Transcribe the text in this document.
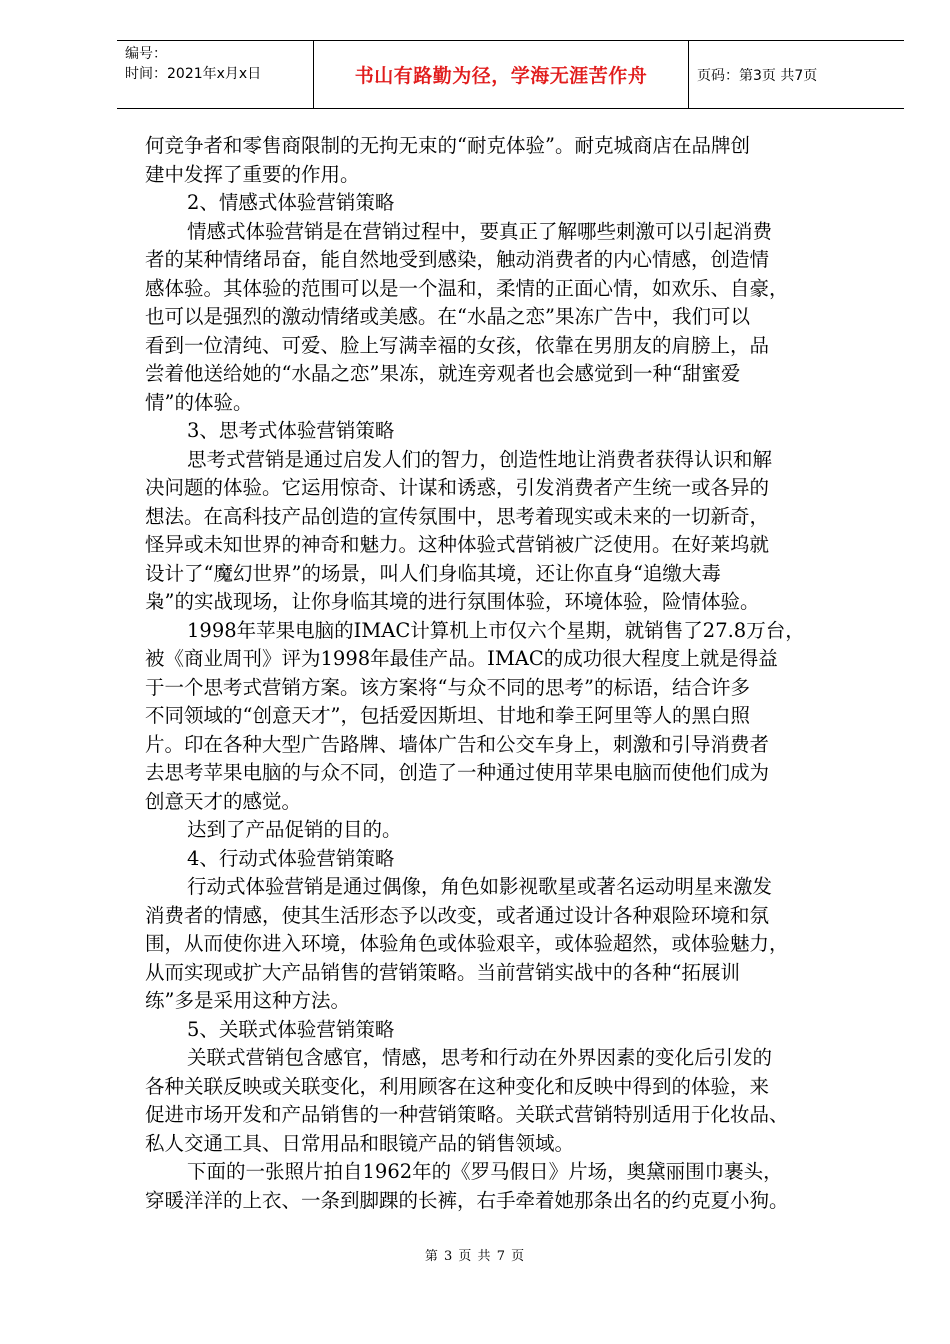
编号：
时间：2021年x月x日	书山有路勤为径，学海无涯苦作舟	页码：第3页 共7页

何竞争者和零售商限制的无拘无束的“耐克体验”。耐克城商店在品牌创

建中发挥了重要的作用。

2、情感式体验营销策略

情感式体验营销是在营销过程中，要真正了解哪些刺激可以引起消费

者的某种情绪昂奋，能自然地受到感染，触动消费者的内心情感，创造情

感体验。其体验的范围可以是一个温和，柔情的正面心情，如欢乐、自豪，

也可以是强烈的激动情绪或美感。在“水晶之恋”果冻广告中，我们可以

看到一位清纯、可爱、脸上写满幸福的女孩，依靠在男朋友的肩膀上，品

尝着他送给她的“水晶之恋”果冻，就连旁观者也会感觉到一种“甜蜜爱

情”的体验。

3、思考式体验营销策略

思考式营销是通过启发人们的智力，创造性地让消费者获得认识和解

决问题的体验。它运用惊奇、计谋和诱惑，引发消费者产生统一或各异的

想法。在高科技产品创造的宣传氛围中，思考着现实或未来的一切新奇，

怪异或未知世界的神奇和魅力。这种体验式营销被广泛使用。在好莱坞就

设计了“魔幻世界”的场景，叫人们身临其境，还让你直身“追缴大毒

枭”的实战现场，让你身临其境的进行氛围体验，环境体验，险情体验。

1998年苹果电脑的IMAC计算机上市仅六个星期，就销售了27.8万台，

被《商业周刊》评为1998年最佳产品。IMAC的成功很大程度上就是得益

于一个思考式营销方案。该方案将“与众不同的思考”的标语，结合许多

不同领域的“创意天才”，包括爱因斯坦、甘地和拳王阿里等人的黑白照

片。印在各种大型广告路牌、墙体广告和公交车身上，刺激和引导消费者

去思考苹果电脑的与众不同，创造了一种通过使用苹果电脑而使他们成为

创意天才的感觉。

达到了产品促销的目的。

4、行动式体验营销策略

行动式体验营销是通过偶像，角色如影视歌星或著名运动明星来激发

消费者的情感，使其生活形态予以改变，或者通过设计各种艰险环境和氛

围，从而使你进入环境，体验角色或体验艰辛，或体验超然，或体验魅力，

从而实现或扩大产品销售的营销策略。当前营销实战中的各种“拓展训

练”多是采用这种方法。

5、关联式体验营销策略

关联式营销包含感官，情感，思考和行动在外界因素的变化后引发的

各种关联反映或关联变化，利用顾客在这种变化和反映中得到的体验，来

促进市场开发和产品销售的一种营销策略。关联式营销特别适用于化妆品、

私人交通工具、日常用品和眼镜产品的销售领域。

下面的一张照片拍自1962年的《罗马假日》片场，奥黛丽围巾裹头，

穿暖洋洋的上衣、一条到脚踝的长裤，右手牵着她那条出名的约克夏小狗。

第 3 页 共 7 页
